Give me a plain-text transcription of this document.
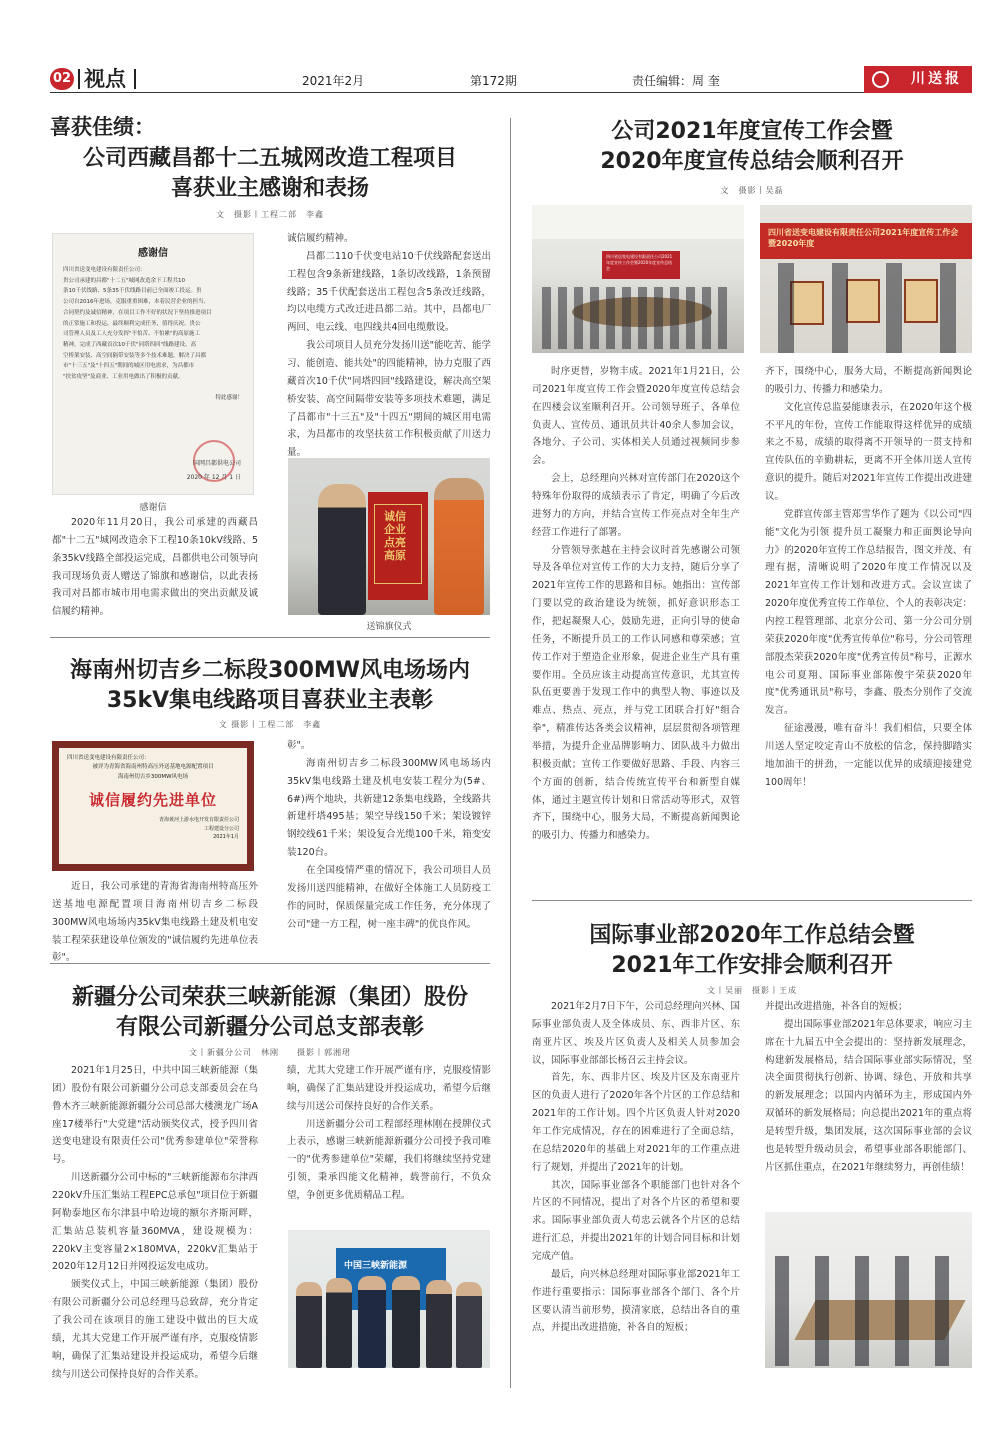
02 视点	2021年2月	第172期	责任编辑：周 奎	川送报
喜获佳绩：
公司西藏昌都十二五城网改造工程项目
喜获业主感谢和表扬
文　摄影丨工程二部　李鑫
感谢信
四川省送变电建设有限责任公司：
贵公司承建的昌都"十二五"城网改造余下工程共10
条10千伏线路、5条35千伏线路目前已全面竣工投运。贵
公司自2016年进场，克服重重困难，本着民营企业的担当、
合同契约及诚信精神，在项目工作不好的状况下坚持推进项目
的正常施工和投运，最终顺利完成任务，值得庆祝。贵公
司管理人员及工人充分发挥"不怕苦、不怕累"的高原施工
精神，完成了西藏首次10千伏"同塔四回"线路建设、高
空桥架安装、高空间隔带安装等多个技术难题，解决了昌都
市"十三五"及"十四五"期间的城区用电需求，为昌都市
"扶贫攻坚"及商业、工业用电做出了积极的贡献。
特此感谢！
国网昌都供电公司
2020 年 12 月 1 日
感谢信

2020年11月20日，我公司承建的西藏昌都"十二五"城网改造余下工程10条10kV线路、5条35kV线路全部投运完成，昌都供电公司领导向我司现场负责人赠送了锦旗和感谢信，以此表扬我司对昌都市城市用电需求做出的突出贡献及诚信履约精神。

诚信履约精神。

昌都二110千伏变电站10千伏线路配套送出工程包含9条新建线路，1条切改线路，1条预留线路；35千伏配套送出工程包含5条改迁线路，均以电缆方式改迁进昌都二站。其中，昌都电厂两回、电云线、电四线共4回电缆敷设。

我公司项目人员充分发扬川送"能吃苦、能学习、能创造、能共处"的四能精神，协力克服了西藏首次10千伏"同塔四回"线路建设，解决高空架桥安装、高空间隔带安装等多项技术难题，满足了昌都市"十三五"及"十四五"期间的城区用电需求，为昌都市的攻坚扶贫工作积极贡献了川送力量。

诚信企业 点亮高原
送锦旗仪式
海南州切吉乡二标段300MW风电场场内
35kV集电线路项目喜获业主表彰
文 摄影丨工程二部　李鑫
四川省送变电建设有限责任公司：
被评为青海省海南州特高压外送基地电源配置项目
海南州切吉乡300MW风电场
诚信履约先进单位
青海黄河上游水电开发有限责任公司
工程建设分公司
2021年1月

近日，我公司承建的青海省海南州特高压外送基地电源配置项目海南州切吉乡二标段300MW风电场场内35kV集电线路土建及机电安装工程荣获建设单位颁发的"诚信履约先进单位表彰"。

彰"。

海南州切吉乡二标段300MW风电场场内35kV集电线路土建及机电安装工程分为(5#、6#)两个地块，共新建12条集电线路，全线路共新建杆塔495基；架空导线150千米；架设镀锌钢绞线61千米；架设复合光缆100千米，箱变安装120台。

在全国疫情严重的情况下，我公司项目人员发扬川送四能精神，在做好全体施工人员防疫工作的同时，保质保量完成工作任务，充分体现了公司"建一方工程，树一座丰碑"的优良作风。

新疆分公司荣获三峡新能源（集团）股份
有限公司新疆分公司总支部表彰
文丨新疆分公司　林刚　　摄影丨郭湘珺

2021年1月25日，中共中国三峡新能源（集团）股份有限公司新疆分公司总支部委员会在乌鲁木齐三峡新能源新疆分公司总部大楼澳龙广场A座17楼举行"大党建"活动颁奖仪式，授予四川省送变电建设有限责任公司"优秀参建单位"荣誉称号。

川送新疆分公司中标的"三峡新能源布尔津西220kV升压汇集站工程EPC总承包"项目位于新疆阿勒泰地区布尔津县中哈边境的额尔齐斯河畔，汇集站总装机容量360MVA，建设规模为：220kV主变容量2×180MVA，220kV汇集站于2020年12月12日并网投运发电成功。

颁奖仪式上，中国三峡新能源（集团）股份有限公司新疆分公司总经理马总致辞，充分肯定了我公司在该项目的施工建设中做出的巨大成绩，尤其大党建工作开展严谨有序，克服疫情影响，确保了汇集站建设并投运成功，希望今后继续与川送公司保持良好的合作关系。

绩，尤其大党建工作开展严谨有序，克服疫情影响，确保了汇集站建设并投运成功，希望今后继续与川送公司保持良好的合作关系。

川送新疆分公司工程部经理林刚在授牌仪式上表示，感谢三峡新能源新疆分公司授予我司唯一的"优秀参建单位"荣耀，我们将继续坚持党建引领，秉承四能文化精神，载誉前行，不负众望，争创更多优质精品工程。

中国三峡新能源
公司2021年度宣传工作会暨
2020年度宣传总结会顺利召开
文　摄影丨吴磊
四川省送变电建设有限责任公司2021年度宣传工作会暨2020年度宣传总结会
四川省送变电建设有限责任公司2021年度宣传工作会暨2020年度

时序更替，岁物丰成。2021年1月21日，公司2021年度宣传工作会暨2020年度宣传总结会在四楼会议室顺利召开。公司领导班子、各单位负责人、宣传员、通讯员共计40余人参加会议，各地分、子公司、实体相关人员通过视频同步参会。

会上，总经理向兴林对宣传部门在2020这个特殊年份取得的成绩表示了肯定，明确了今后改进努力的方向，并结合宣传工作亮点对全年生产经营工作进行了部署。

分管领导张越在主持会议时首先感谢公司领导及各单位对宣传工作的大力支持，随后分享了2021年宣传工作的思路和目标。她指出：宣传部门要以党的政治建设为统领，抓好意识形态工作，把起凝聚人心，鼓励先进，正向引导的使命任务，不断提升员工的工作认同感和尊荣感；宣传工作对于塑造企业形象，促进企业生产具有重要作用。全员应该主动提高宣传意识，尤其宣传队伍更要善于发现工作中的典型人物、事迹以及难点、热点、亮点，并与党工团联合打好"组合拳"，精准传达各类会议精神，层层贯彻各项管理举措，为提升企业品牌影响力、团队战斗力做出积极贡献；宣传工作要做好思路、手段、内容三个方面的创新，结合传统宣传平台和新型自媒体，通过主题宣传计划和日常活动等形式，双管齐下，围绕中心，服务大局，不断提高新闻舆论的吸引力、传播力和感染力。

齐下，围绕中心，服务大局，不断提高新闻舆论的吸引力、传播力和感染力。

文化宣传总监晏能康表示，在2020年这个极不平凡的年份，宣传工作能取得这样优异的成绩来之不易，成绩的取得离不开领导的一贯支持和宣传队伍的辛勤耕耘，更离不开全体川送人宣传意识的提升。随后对2021年宣传工作提出改进建议。

党群宣传部主管郑雪华作了题为《以公司"四能"文化为引领 提升员工凝聚力和正面舆论导向力》的2020年宣传工作总结报告，图文并茂、有理有据，清晰说明了2020年度工作情况以及2021年宣传工作计划和改进方式。会议宣读了2020年度优秀宣传工作单位、个人的表彰决定：内控工程管理部、北京分公司、第一分公司分别荣获2020年度"优秀宣传单位"称号，分公司管理部殷杰荣获2020年度"优秀宣传员"称号，正源水电公司夏翔、国际事业部陈俊宇荣获2020年度"优秀通讯员"称号，李鑫、殷杰分别作了交流发言。

征途漫漫，唯有奋斗！我们相信，只要全体川送人坚定咬定青山不放松的信念，保持脚踏实地加油干的拼劲，一定能以优异的成绩迎接建党100周年！

国际事业部2020年工作总结会暨
2021年工作安排会顺利召开
文丨吴丽　摄影丨王成

2021年2月7日下午，公司总经理向兴林、国际事业部负责人及全体成员、东、西非片区、东南亚片区、埃及片区负责人及相关人员参加会议，国际事业部部长杨召云主持会议。

首先，东、西非片区、埃及片区及东南亚片区的负责人进行了2020年各个片区的工作总结和2021年的工作计划。四个片区负责人针对2020年工作完成情况，存在的困难进行了全面总结，在总结2020年的基础上对2021年的工作重点进行了规划，并提出了2021年的计划。

其次，国际事业部各个职能部门也针对各个片区的不同情况，提出了对各个片区的希望和要求。国际事业部负责人苟忠云就各个片区的总结进行汇总，并提出2021年的计划合同目标和计划完成产值。

最后，向兴林总经理对国际事业部2021年工作进行重要指示：国际事业部各个部门、各个片区要认清当前形势，摸清家底，总结出各自的重点，并提出改进措施，补各自的短板；

并提出改进措施，补各自的短板；

提出国际事业部2021年总体要求，响应习主席在十九届五中全会提出的：坚持新发展理念，构建新发展格局，结合国际事业部实际情况，坚决全面贯彻执行创新、协调、绿色、开放和共享的新发展理念；以国内内循环为主，形成国内外双循环的新发展格局；向总提出2021年的重点将是转型升级，集团发展，这次国际事业部的会议也是转型升级动员会，希望事业部各职能部门、片区抓住重点，在2021年继续努力，再创佳绩！
